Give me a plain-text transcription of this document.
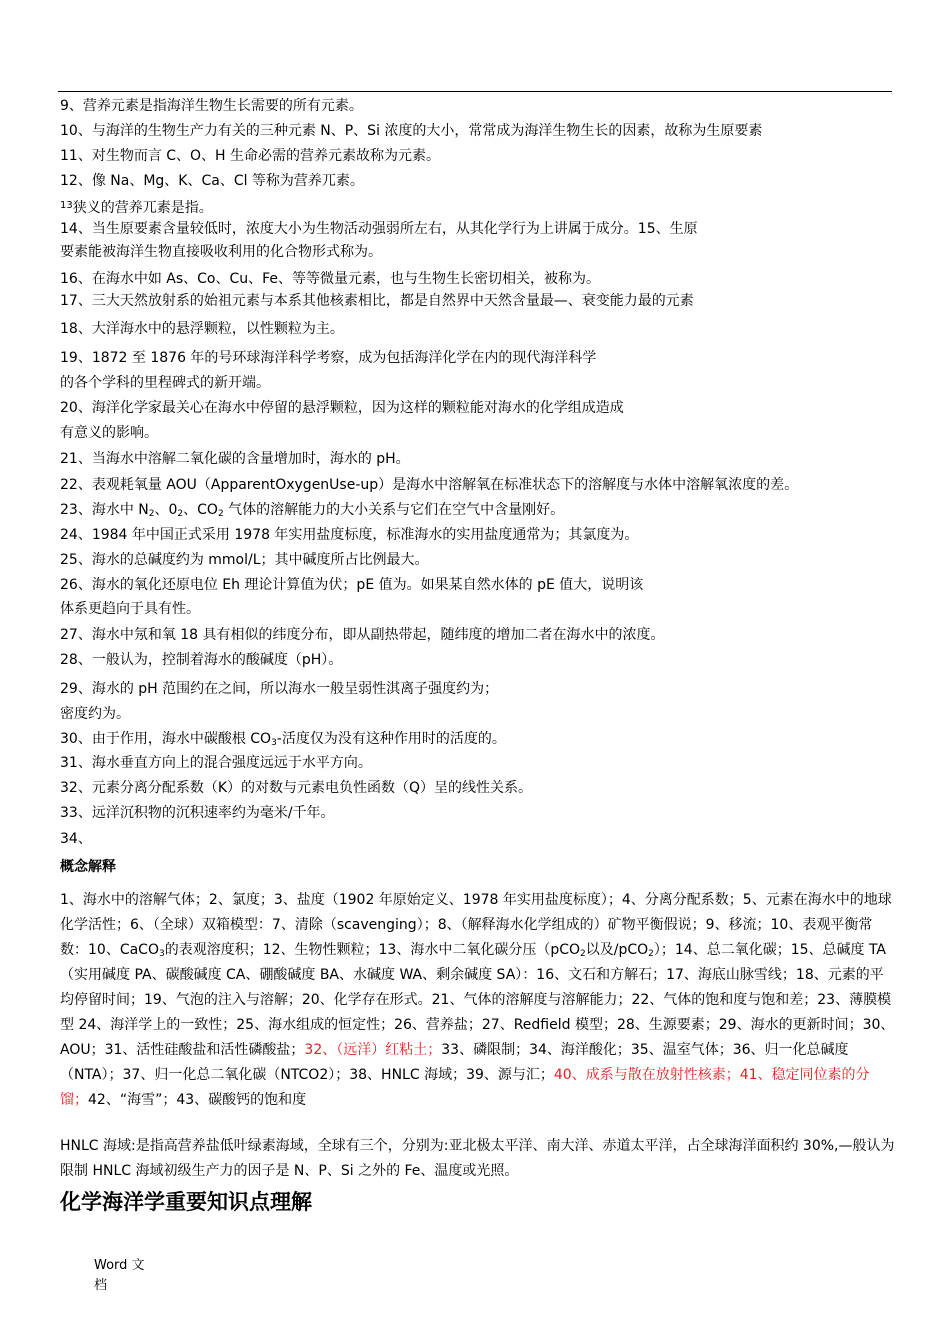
9、营养元素是指海洋生物生长需要的所有元素。
10、与海洋的生物生产力有关的三种元素 N、P、Si 浓度的大小，常常成为海洋生物生长的因素，故称为生原要素
11、对生物而言 C、O、H 生命必需的营养元素故称为元素。
12、像 Na、Mg、K、Ca、Cl 等称为营养兀素。
$^{13}$狭义的营养兀素是指。
14、当生原要素含量较低时，浓度大小为生物活动强弱所左右，从其化学行为上讲属于成分。15、生原
要素能被海洋生物直接吸收利用的化合物形式称为。
16、在海水中如 As、Co、Cu、Fe、等等微量元素，也与生物生长密切相关，被称为。
17、三大天然放射系的始祖元素与本系其他核素相比，都是自然界中天然含量最—、衰变能力最的元素
18、大洋海水中的悬浮颗粒，以性颗粒为主。
19、1872 至 1876 年的号环球海洋科学考察，成为包括海洋化学在内的现代海洋科学
的各个学科的里程碑式的新开端。
20、海洋化学家最关心在海水中停留的悬浮颗粒，因为这样的颗粒能对海水的化学组成造成
有意义的影响。
21、当海水中溶解二氧化碳的含量增加时，海水的 pH。
22、表观耗氧量 AOU（ApparentOxygenUse-up）是海水中溶解氧在标准状态下的溶解度与水体中溶解氧浓度的差。
23、海水中 $N_2$、$0_2$、$CO_2$ 气体的溶解能力的大小关系与它们在空气中含量刚好。
24、1984 年中国正式采用 1978 年实用盐度标度，标准海水的实用盐度通常为；其氯度为。
25、海水的总碱度约为 mmol/L；其中碱度所占比例最大。
26、海水的氧化还原电位 Eh 理论计算值为伏；pE 值为。如果某自然水体的 pE 值大，说明该
体系更趋向于具有性。
27、海水中氖和氧 18 具有相似的纬度分布，即从副热带起，随纬度的增加二者在海水中的浓度。
28、一般认为，控制着海水的酸碱度（pH）。
29、海水的 pH 范围约在之间，所以海水一般呈弱性淇离子强度约为；
密度约为。
30、由于作用，海水中碳酸根 $CO_3-$活度仅为没有这种作用时的活度的。
31、海水垂直方向上的混合强度远远于水平方向。
32、元素分离分配系数（K）的对数与元素电负性函数（Q）呈的线性关系。
33、远洋沉积物的沉积速率约为毫米/千年。
34、
概念解释
1、海水中的溶解气体；2、氯度；3、盐度（1902 年原始定义、1978 年实用盐度标度）；4、分离分配系数；5、元素在海水中的地球化学活性；6、（全球）双箱模型：7、清除（scavenging）；8、（解释海水化学组成的）矿物平衡假说；9、移流；10、表观平衡常数：10、CaCO$_3$的表观溶度积；12、生物性颗粒；13、海水中二氧化碳分压（pCO$_2$以及/pCO$_2$）；14、总二氧化碳；15、总碱度 TA（实用碱度 PA、碳酸碱度 CA、硼酸碱度 BA、水碱度 WA、剩余碱度 SA）：16、文石和方解石；17、海底山脉雪线；18、元素的平均停留时间；19、气泡的注入与溶解；20、化学存在形式。21、气体的溶解度与溶解能力；22、气体的饱和度与饱和差；23、薄膜模型 24、海洋学上的一致性；25、海水组成的恒定性；26、营养盐；27、Redfield 模型；28、生源要素；29、海水的更新时间；30、AOU；31、活性硅酸盐和活性磷酸盐；32、（远洋）红粘土；33、磷限制；34、海洋酸化；35、温室气体；36、归一化总碱度（NTA）；37、归一化总二氧化碳（NTCO2）；38、HNLC 海域；39、源与汇；40、成系与散在放射性核素；41、稳定同位素的分馏；42、“海雪”；43、碳酸钙的饱和度
HNLC 海域:是指高营养盐低叶绿素海域，全球有三个，分别为:亚北极太平洋、南大洋、赤道太平洋，占全球海洋面积约 30%,—般认为限制 HNLC 海域初级生产力的因子是 N、P、Si 之外的 Fe、温度或光照。
化学海洋学重要知识点理解
Word 文
档
